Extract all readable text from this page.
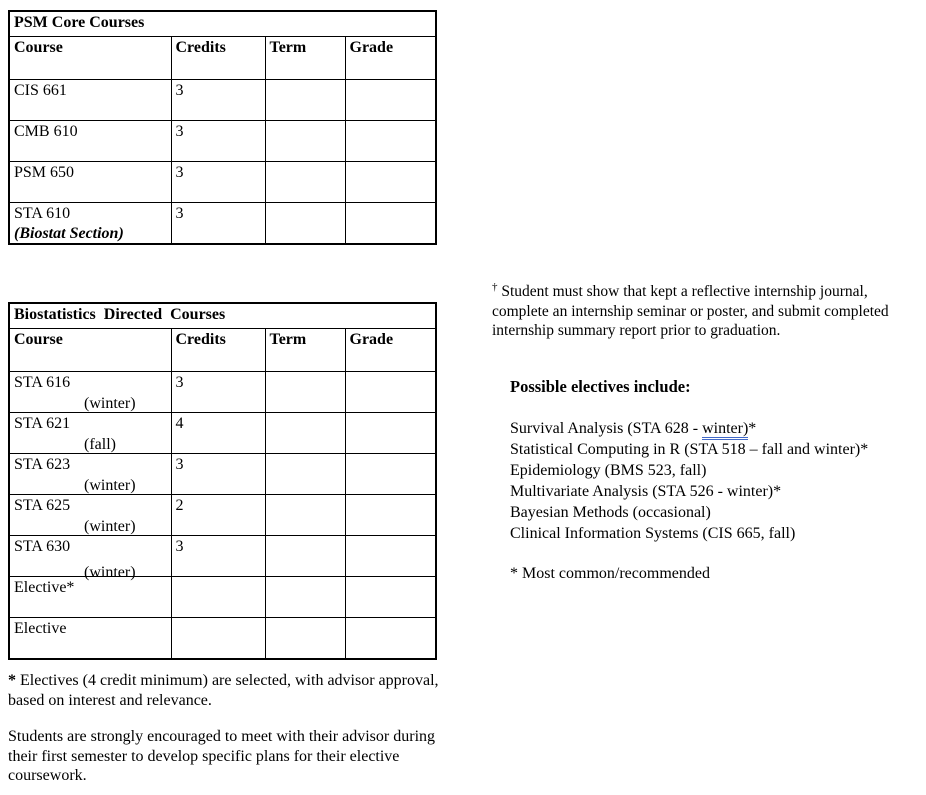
PSM Core Courses			
Course	Credits	Term	Grade

CIS 661	3		

CMB 610	3		

PSM 650	3		

STA 610
(Biostat Section)	3		
Biostatistics Directed Courses			
Course	Credits	Term	Grade

STA 616
(winter)	3		

STA 621
(fall)	4		

STA 623
(winter)	3		

STA 625
(winter)	2		

STA 630
(winter)	3		

Elective*			

Elective			

† Student must show that kept a reflective internship journal,
complete an internship seminar or poster, and submit completed
internship summary report prior to graduation.
Possible electives include:
Survival Analysis (STA 628 - winter)*
Statistical Computing in R (STA 518 – fall and winter)*
Epidemiology (BMS 523, fall)
Multivariate Analysis (STA 526 - winter)*
Bayesian Methods (occasional)
Clinical Information Systems (CIS 665, fall)
* Most common/recommended
* Electives (4 credit minimum) are selected, with advisor approval,
based on interest and relevance.
Students are strongly encouraged to meet with their advisor during
their first semester to develop specific plans for their elective
coursework.
